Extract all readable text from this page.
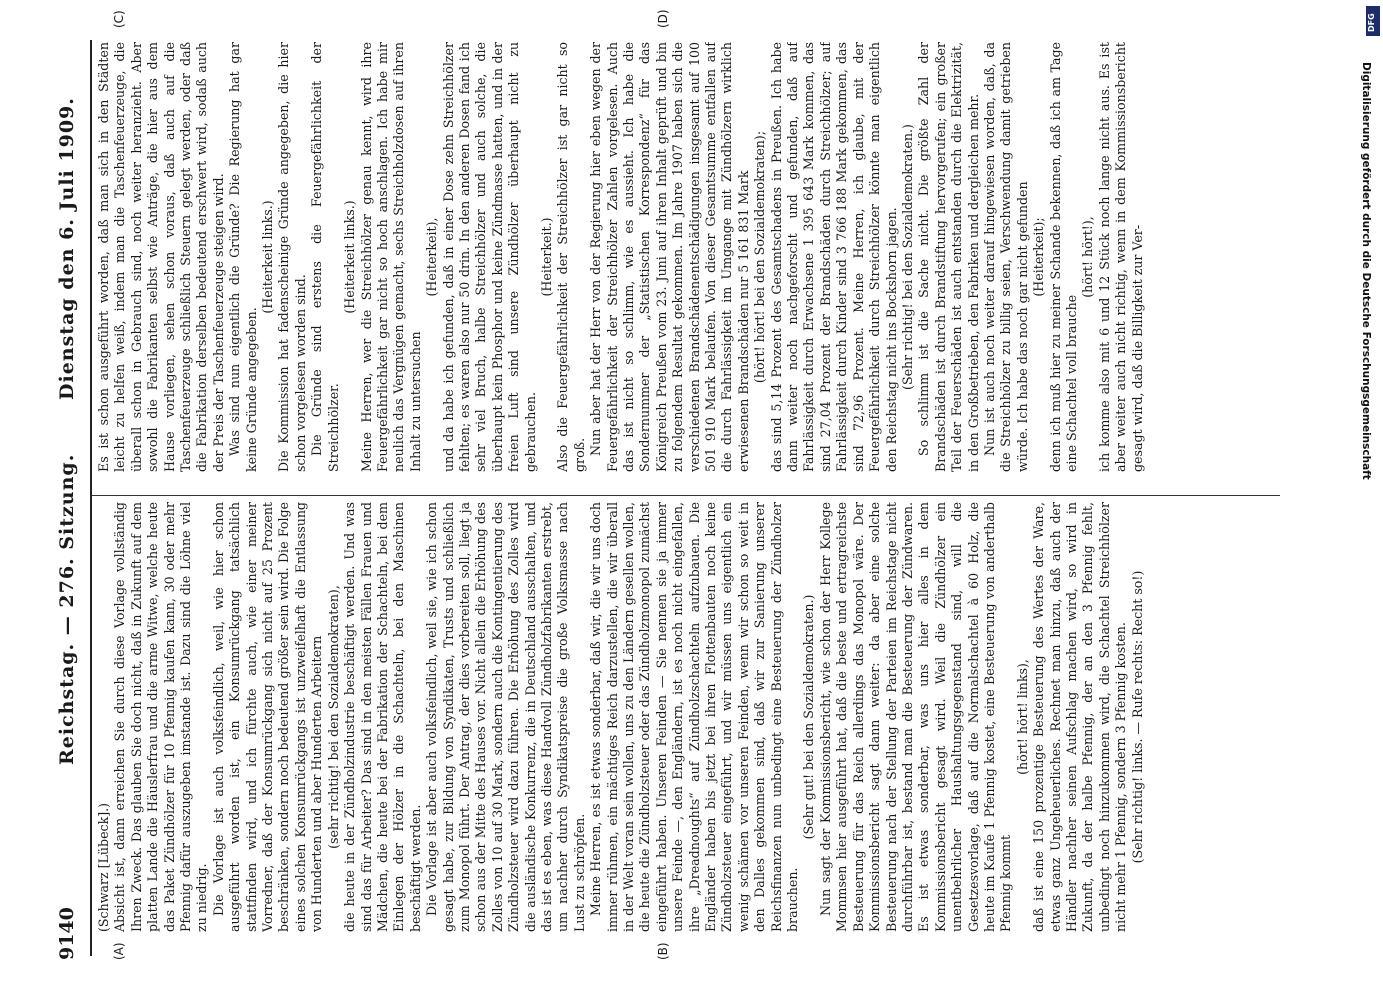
9140
Reichstag. — 276. Sitzung.
Dienstag den 6. Juli 1909.
(A)	(B)
(C)	(D)

(Schwarz [Lübeck].) Absicht ist, dann erreichen Sie durch diese Vorlage vollständig Ihren Zweck. Das glauben Sie doch nicht, daß in Zukunft auf dem platten Lande die Häuslerfrau und die arme Witwe, welche heute das Paket Zündhölzer für 10 Pfennig kaufen kann, 30 oder mehr Pfennig dafür auszugeben imstande ist. Dazu sind die Löhne viel zu niedrig. Die Vorlage ist auch volksfeindlich, weil, wie hier schon ausgeführt worden ist, ein Konsumrückgang tatsächlich stattfinden wird, und ich fürchte auch, wie einer meiner Vorredner, daß der Konsumrückgang sich nicht auf 25 Prozent beschränken, sondern noch bedeutend größer sein wird. Die Folge eines solchen Konsumrückgangs ist unzweifelhaft die Entlassung von Hunderten und aber Hunderten Arbeitern (sehr richtig! bei den Sozialdemokraten), die heute in der Zündholzindustrie beschäftigt werden. Und was sind das für Arbeiter? Das sind in den meisten Fällen Frauen und Mädchen, die heute bei der Fabrikation der Schachteln, bei dem Einlegen der Hölzer in die Schachteln, bei den Maschinen beschäftigt werden. Die Vorlage ist aber auch volksfeindlich, weil sie, wie ich schon gesagt habe, zur Bildung von Syndikaten, Trusts und schließlich zum Monopol führt. Der Antrag, der dies vorbereiten soll, liegt ja schon aus der Mitte des Hauses vor. Nicht allein die Erhöhung des Zolles von 10 auf 30 Mark, sondern auch die Kontingentierung des Zündholzsteuer wird dazu führen. Die Erhöhung des Zolles wird die ausländische Konkurrenz, die in Deutschland ausschalten, und das ist es eben, was diese Handvoll Zündholzfabrikanten erstrebt, um nachher durch Syndikatspreise die große Volksmasse nach Lust zu schröpfen. Meine Herren, es ist etwas sonderbar, daß wir, die wir uns doch immer rühmen, ein mächtiges Reich darzustellen, die wir überall in der Welt voran sein wollen, uns zu den Ländern gesellen wollen, die heute die Zündholzsteuer oder das Zündholzmonopol zumächst eingeführt haben. Unseren Feinden — Sie nennen sie ja immer unsere Feinde —, den Engländern, ist es noch nicht eingefallen, ihre „Dreadnoughts“ auf Zündholzschachteln aufzubauen. Die Engländer haben bis jetzt bei ihren Flottenbauten noch keine Zündholzsteuer eingeführt, und wir müssen uns eigentlich ein wenig schämen vor unseren Feinden, wenn wir schon so weit in den Dalles gekommen sind, daß wir zur Sanierung unserer Reichsfinanzen nun unbedingt eine Besteuerung der Zündholzer brauchen.

(Sehr gut! bei den Sozialdemokraten.) Nun sagt der Kommissionsbericht, wie schon der Herr Kollege Mommsen hier ausgeführt hat, daß die beste und ertragreichste Besteuerung für das Reich allerdings das Monopol wäre. Der Kommissionsbericht sagt dann weiter: da aber eine solche Besteuerung nach der Stellung der Parteien im Reichstage nicht durchführbar ist, bestand man die Besteuerung der Zündwaren. Es ist etwas sonderbar, was uns hier alles in dem Kommissionsbericht gesagt wird. Weil die Zündhölzer ein unentbehrlicher Haushaltungsgegenstand sind, will die Gesetzesvorlage, daß auf die Normalschachtel à 60 Holz, die heute im Kaufe 1 Pfennig kostet, eine Besteuerung von anderthalb Pfennig kommt

(hört! hört! links), daß ist eine 150 prozentige Besteuerung des Wertes der Ware, etwas ganz Ungeheuerliches. Rechnet man hinzu, daß auch der Händler nachher seinen Aufschlag machen wird, so wird in Zukunft, da der halbe Pfennig, der an den 3 Pfennig fehlt, unbedingt noch hinzukommen wird, die Schachtel Streichhölzer nicht mehr 1 Pfennig, sondern 3 Pfennig kosten. (Sehr richtig! links. — Rufe rechts: Recht so!)

Es ist schon ausgeführt worden, daß man sich in den Städten leicht zu helfen weiß, indem man die Taschenfeuerzeuge, die überall schon in Gebrauch sind, noch weiter heranzieht. Aber sowohl die Fabrikanten selbst wie Anträge, die hier aus dem Hause vorliegen, sehen schon voraus, daß auch auf die Taschenfeuerzeuge schließlich Steuern gelegt werden, oder daß die Fabrikation derselben bedeutend erschwert wird, sodaß auch der Preis der Taschenfeuerzeuge steigen wird. Was sind nun eigentlich die Gründe? Die Regierung hat gar keine Gründe angegeben.

(Heiterkeit links.) Die Kommission hat fadenscheinige Gründe angegeben, die hier schon vorgelesen worden sind. Die Gründe sind erstens die Feuergefährlichkeit der Streichhölzer.

(Heiterkeit links.) Meine Herren, wer die Streichhölzer genau kennt, wird ihre Feuergefährlichkeit gar nicht so hoch anschlagen. Ich habe mir neulich das Vergnügen gemacht, sechs Streichholzdosen auf ihren Inhalt zu untersuchen

(Heiterkeit), und da habe ich gefunden, daß in einer Dose zehn Streichhölzer fehlten; es waren also nur 50 drin. In den anderen Dosen fand ich sehr viel Bruch, halbe Streichhölzer und auch solche, die überhaupt kein Phosphor und keine Zündmasse hatten, und in der freien Luft sind unsere Zündhölzer überhaupt nicht zu gebrauchen.

(Heiterkeit.) Also die Feuergefährlichkeit der Streichhölzer ist gar nicht so groß. Nun aber hat der Herr von der Regierung hier eben wegen der Feuergefährlichkeit der Streichhölzer Zahlen vorgelesen. Auch das ist nicht so schlimm, wie es aussieht. Ich habe die Sondernummer der „Statistischen Korrespondenz“ für das Königreich Preußen vom 23. Juni auf ihren Inhalt geprüft und bin zu folgendem Resultat gekommen. Im Jahre 1907 haben sich die verschiedenen Brandschädenentschädigungen insgesamt auf 100 501 910 Mark belaufen. Von dieser Gesamtsumme entfallen auf die durch Fahrlässigkeit im Umgange mit Zündhölzern wirklich erwiesenen Brandschäden nur 5 161 831 Mark (hört! hört! bei den Sozialdemokraten); das sind 5,14 Prozent des Gesamtschadens in Preußen. Ich habe dann weiter noch nachgeforscht und gefunden, daß auf Fahrlässigkeit durch Erwachsene 1 395 643 Mark kommen, das sind 27,04 Prozent der Brandschäden durch Streichhölzer; auf Fahrlässigkeit durch Kinder sind 3 766 188 Mark gekommen, das sind 72,96 Prozent. Meine Herren, ich glaube, mit der Feuergefährlichkeit durch Streichhölzer könnte man eigentlich den Reichstag nicht ins Bockshorn jagen. (Sehr richtig! bei den Sozialdemokraten.) So schlimm ist die Sache nicht. Die größte Zahl der Brandschäden ist durch Brandstiftung hervorgerufen; ein großer Teil der Feuerschäden ist auch entstanden durch die Elektrizität, in den Großbetrieben, den Fabriken und dergleichen mehr. Nun ist auch noch weiter darauf hingewiesen worden, daß, da die Streichhölzer zu billig seien, Verschwendung damit getrieben würde. Ich habe das noch gar nicht gefunden (Heiterkeit); denn ich muß hier zu meiner Schande bekennen, daß ich am Tage eine Schachtel voll brauche

(hört! hört!), ich komme also mit 6 und 12 Stück noch lange nicht aus. Es ist aber weiter auch nicht richtig, wenn in dem Kommissionsbericht gesagt wird, daß die Billigkeit zur Ver-

DFG
Digitalisierung gefördert durch die Deutsche Forschungsgemeinschaft
